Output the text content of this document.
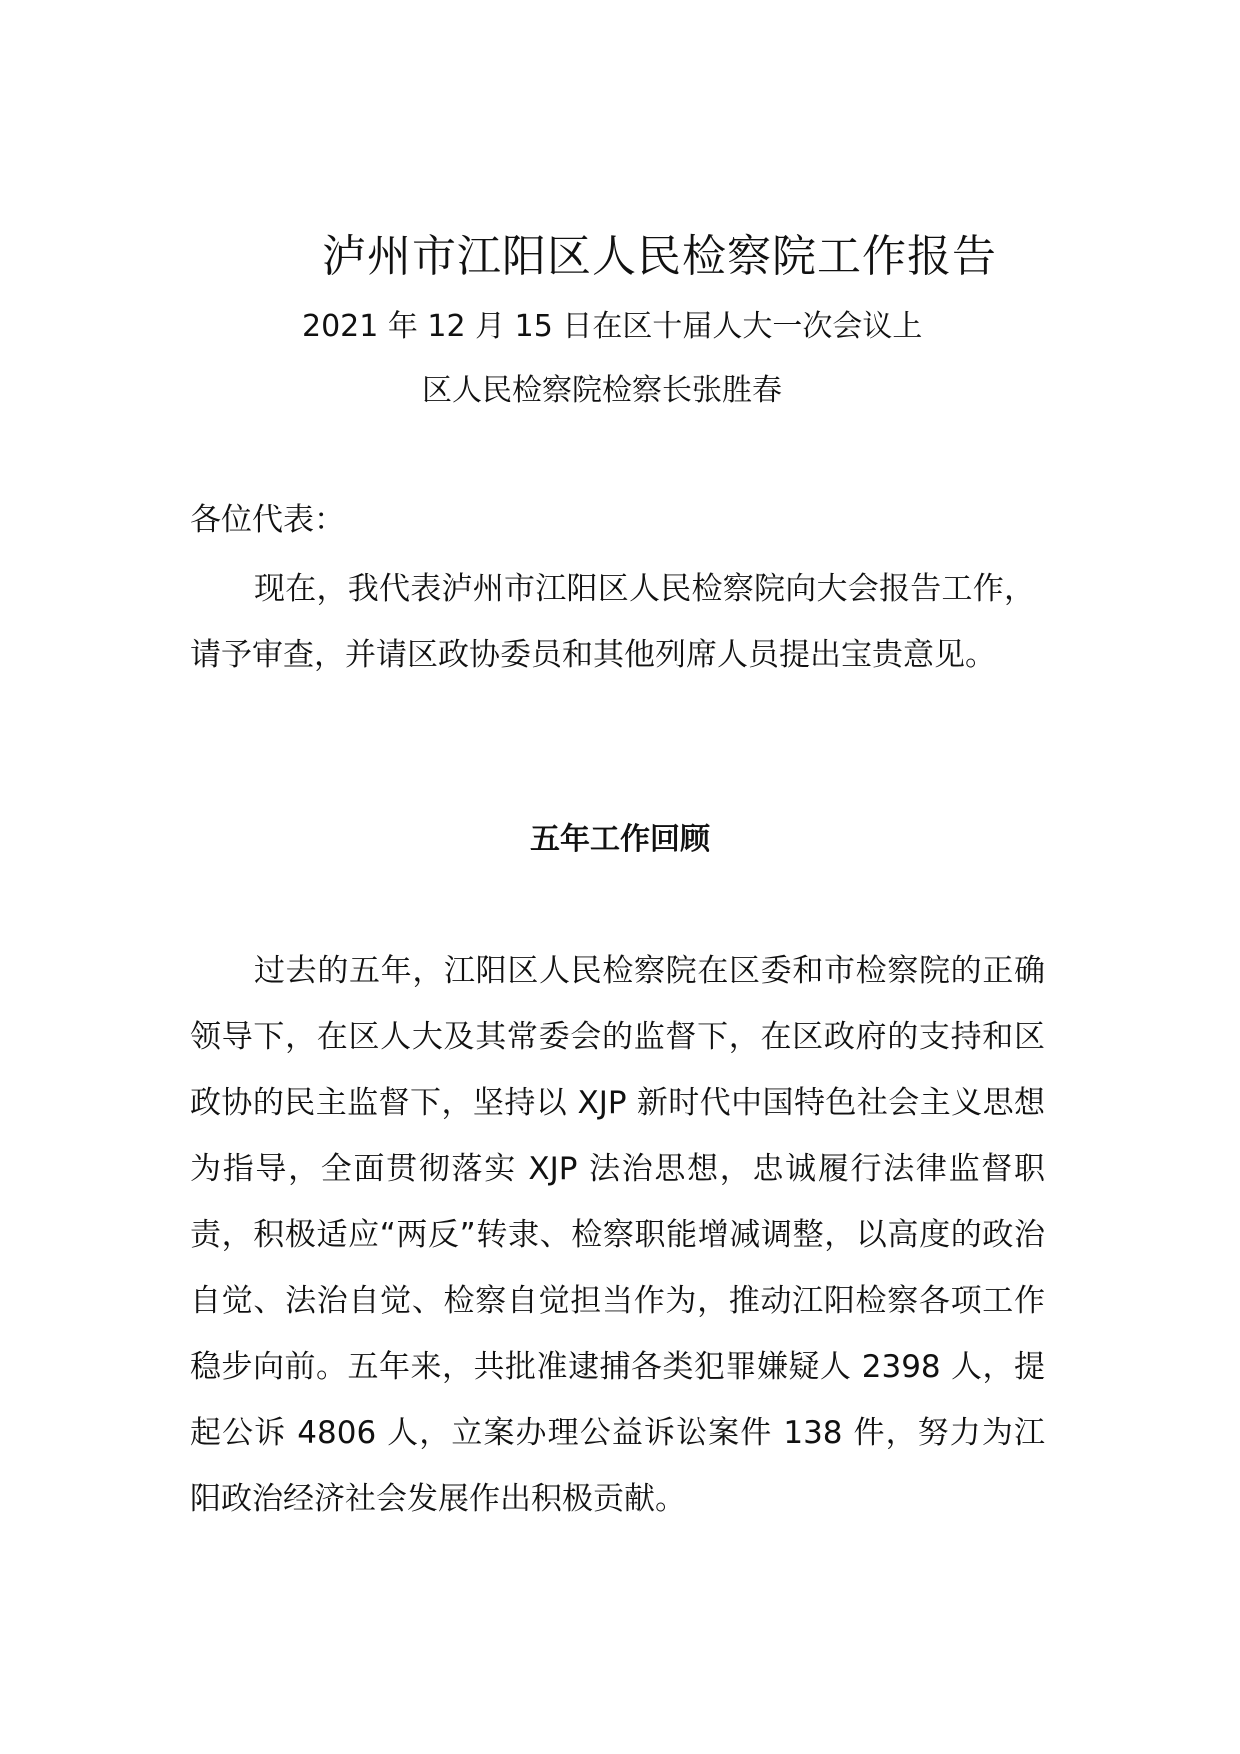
泸州市江阳区人民检察院工作报告

2021 年 12 月 15 日在区十届人大一次会议上

区人民检察院检察长张胜春

各位代表：

现在，我代表泸州市江阳区人民检察院向大会报告工作，请予审查，并请区政协委员和其他列席人员提出宝贵意见。

五年工作回顾

过去的五年，江阳区人民检察院在区委和市检察院的正确领导下，在区人大及其常委会的监督下，在区政府的支持和区政协的民主监督下，坚持以 XJP 新时代中国特色社会主义思想为指导，全面贯彻落实 XJP 法治思想，忠诚履行法律监督职责，积极适应“两反”转隶、检察职能增减调整，以高度的政治自觉、法治自觉、检察自觉担当作为，推动江阳检察各项工作稳步向前。五年来，共批准逮捕各类犯罪嫌疑人 2398 人，提起公诉 4806 人，立案办理公益诉讼案件 138 件，努力为江阳政治经济社会发展作出积极贡献。
